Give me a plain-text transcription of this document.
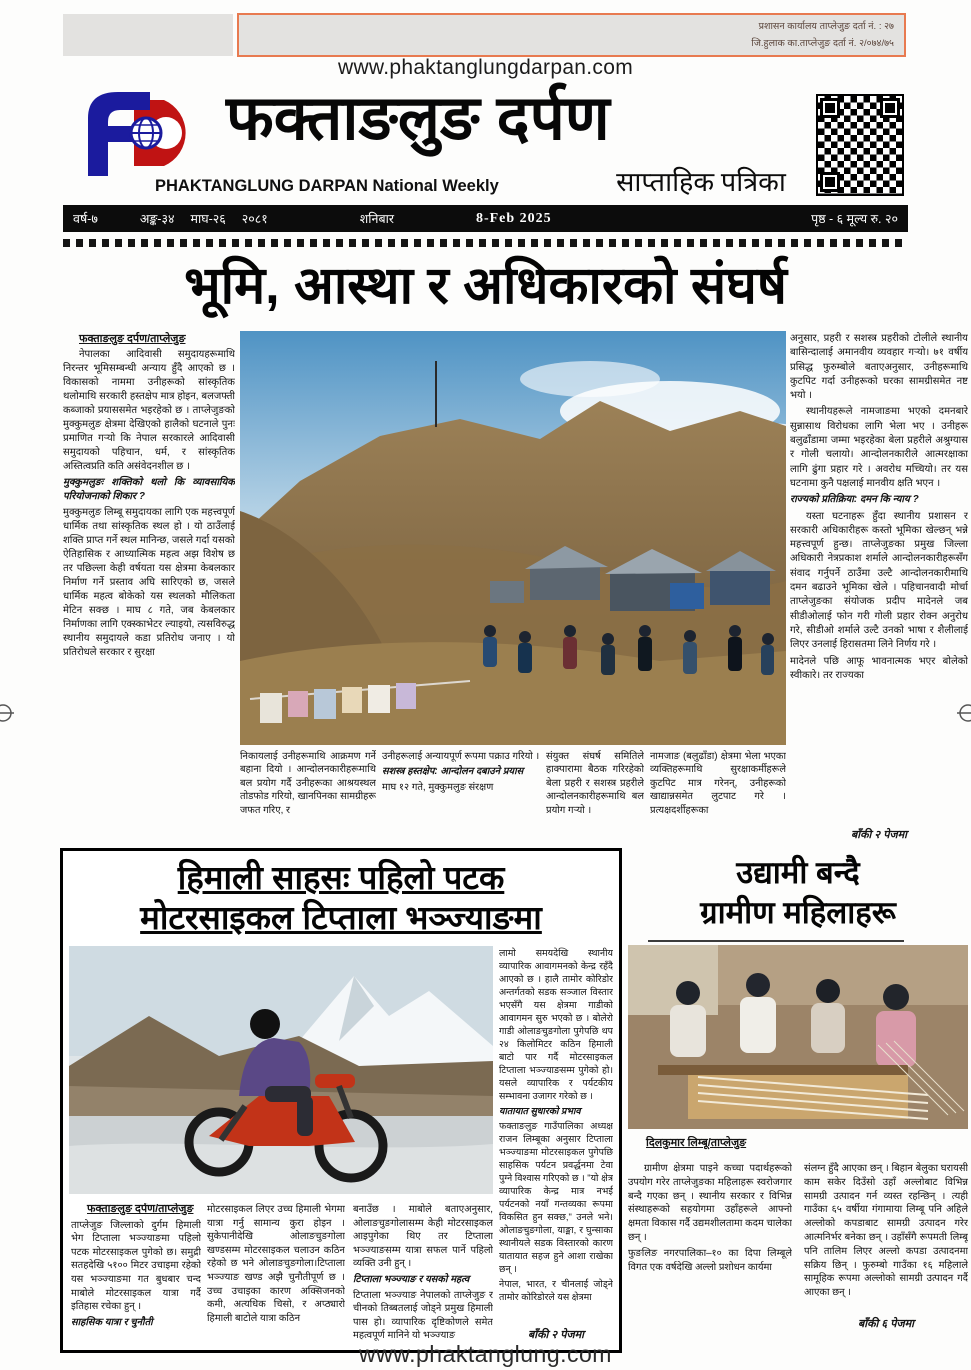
प्रशासन कार्यालय ताप्लेजुङ दर्ता नं. : २७
जि.हुलाक का.ताप्लेजुङ दर्ता नं. २/०७४/७५
www.phaktanglungdarpan.com
फक्ताङलुङ दर्पण
PHAKTANGLUNG DARPAN National Weekly	साप्ताहिक पत्रिका
वर्ष-७	अङ्क-३४ माघ-२६ २०८१	शनिबार	8-Feb 2025	पृष्ठ - ६ मूल्य रु. २०
भूमि, आस्था र अधिकारको संघर्ष

फक्ताङलुङ दर्पण/ताप्लेजुङ

नेपालका आदिवासी समुदायहरूमाथि निरन्तर भूमिसम्बन्धी अन्याय हुँदै आएको छ । विकासको नाममा उनीहरूको सांस्कृतिक थलोमाथि सरकारी हस्तक्षेप मात्र होइन, बलजफ्ती कब्जाको प्रयाससमेत भइरहेको छ । ताप्लेजुङको मुक्कुमलुङ क्षेत्रमा देखिएको हालैको घटनाले पुनः प्रमाणित गर्‍यो कि नेपाल सरकारले आदिवासी समुदायको पहिचान, धर्म, र सांस्कृतिक अस्तित्वप्रति कति असंवेदनशील छ ।

मुक्कुमलुङः शक्तिको थलो कि व्यावसायिक परियोजनाको शिकार ?

मुक्कुमलुङ लिम्बू समुदायका लागि एक महत्त्वपूर्ण धार्मिक तथा सांस्कृतिक स्थल हो । यो ठाउँलाई शक्ति प्राप्त गर्ने स्थल मानिन्छ, जसले गर्दा यसको ऐतिहासिक र आध्यात्मिक महत्व अझ विशेष छ तर पछिल्ला केही वर्षयता यस क्षेत्रमा केबलकार निर्माण गर्ने प्रस्ताव अघि सारिएको छ, जसले धार्मिक महत्व बोकेको यस स्थलको मौलिकता मेटिन सक्छ । माघ ८ गते, जब केबलकार निर्माणका लागि एक्स्काभेटर ल्याइयो, त्यसविरुद्ध स्थानीय समुदायले कडा प्रतिरोध जनाए । यो प्रतिरोधले सरकार र सुरक्षा

निकायलाई उनीहरूमाथि आक्रमण गर्ने बहाना दियो । आन्दोलनकारीहरूमाथि बल प्रयोग गर्दै उनीहरूका आश्रयस्थल तोडफोड गरियो, खानपिनका सामग्रीहरू जफत गरिए, र

उनीहरूलाई अन्यायपूर्ण रूपमा पक्राउ गरियो ।

सशस्त्र हस्तक्षेप: आन्दोलन दबाउने प्रयास

माघ १२ गते, मुक्कुमलुङ संरक्षण

संयुक्त संघर्ष समितिले हाक्पारामा बैठक गरिरहेको बेला प्रहरी र सशस्त्र प्रहरीले आन्दोलनकारीहरूमाथि बल प्रयोग गर्‍यो ।

नामजाङ (बलुढाँडा) क्षेत्रमा भेला भएका व्यक्तिहरूमाथि सुरक्षाकर्मीहरूले कुटपिट मात्र गरेनन्, उनीहरूको खाद्यान्नसमेत लुटपाट गरे । प्रत्यक्षदर्शीहरूका

अनुसार, प्रहरी र सशस्त्र प्रहरीको टोलीले स्थानीय बासिन्दालाई अमानवीय व्यवहार गर्‍यो। ७१ वर्षीय प्रसिद्ध फुरुम्बोले बताएअनुसार, उनीहरूमाथि कुटपिट गर्दा उनीहरूको घरका सामग्रीसमेत नष्ट भयो ।

स्थानीयहरूले नामजाङमा भएको दमनबारे सुन्नासाथ विरोधका लागि भेला भए । उनीहरू बलुढाँडामा जम्मा भइरहेका बेला प्रहरीले अश्रुग्यास र गोली चलायो। आन्दोलनकारीले आत्मरक्षाका लागि ढुंगा प्रहार गरे । अवरोध मच्चियो। तर यस घटनामा कुनै पक्षलाई मानवीय क्षति भएन ।

राज्यको प्रतिक्रिया: दमन कि न्याय ?

यस्ता घटनाहरू हुँदा स्थानीय प्रशासन र सरकारी अधिकारीहरू कस्तो भूमिका खेल्छन् भन्ने महत्त्वपूर्ण हुन्छ। ताप्लेजुङका प्रमुख जिल्ला अधिकारी नेत्रप्रकाश शर्माले आन्दोलनकारीहरूसँग संवाद गर्नुपर्ने ठाउँमा उल्टै आन्दोलनकारीमाथि दमन बढाउने भूमिका खेले । पहिचानवादी मोर्चा ताप्लेजुङका संयोजक प्रदीप मादेनले जब सीडीओलाई फोन गरी गोली प्रहार रोक्न अनुरोध गरे, सीडीओ शर्माले उल्टै उनको भाषा र शैलीलाई लिएर उनलाई हिरासतमा लिने निर्णय गरे ।

मादेनले पछि आफू भावनात्मक भएर बोलेको स्वीकारे। तर राज्यका

बाँकी २ पेजमा
हिमाली साहसः पहिलो पटक
मोटरसाइकल टिप्ताला भञ्ज्याङमा

लामो समयदेखि स्थानीय व्यापारिक आवागमनको केन्द्र रहँदै आएको छ । हालै तामोर कोरिडोर अन्तर्गतको सडक सञ्जाल विस्तार भएसँगै यस क्षेत्रमा गाडीको आवागमन सुरु भएको छ । बोलेरो गाडी ओलाङचुङगोला पुगेपछि थप २४ किलोमिटर कठिन हिमाली बाटो पार गर्दै मोटरसाइकल टिप्ताला भञ्ज्याङसम्म पुगेको हो। यसले व्यापारिक र पर्यटकीय सम्भावना उजागर गरेको छ ।

यातायात सुधारको प्रभाव

फक्ताङलुङ गाउँपालिका अध्यक्ष राजन लिम्बूका अनुसार टिप्ताला भञ्ज्याङमा मोटरसाइकल पुगेपछि साहसिक पर्यटन प्रवर्द्धनमा टेवा पुग्ने विश्वास गरिएको छ । "यो क्षेत्र व्यापारिक केन्द्र मात्र नभई पर्यटनको नयाँ गन्तव्यका रूपमा विकसित हुन सक्छ," उनले भने। ओलाङचुङगोला, याङ्मा, र घुन्साका स्थानीयले सडक विस्तारको कारण यातायात सहज हुने आशा राखेका छन् ।

नेपाल, भारत, र चीनलाई जोड्ने तामोर कोरिडोरले यस क्षेत्रमा

बाँकी २ पेजमा

फक्ताङलुङ दर्पण/ताप्लेजुङ

ताप्लेजुङ जिल्लाको दुर्गम हिमाली भेग टिप्ताला भञ्ज्याङमा पहिलो पटक मोटरसाइकल पुगेको छ। समुद्री सतहदेखि ५१०० मिटर उचाइमा रहेको यस भञ्ज्याङमा गत बुधबार चन्द माबोले मोटरसाइकल यात्रा गर्दै इतिहास रचेका हुन् ।

साहसिक यात्रा र चुनौती

मोटरसाइकल लिएर उच्च हिमाली भेगमा यात्रा गर्नु सामान्य कुरा होइन । सुकेपानीदेखि ओलाङचुङगोला खण्डसम्म मोटरसाइकल चलाउन कठिन रहेको छ भने ओलाङचुङगोला।टिप्ताला भञ्ज्याङ खण्ड अझै चुनौतीपूर्ण छ । उच्च उचाइका कारण अक्सिजनको कमी, अत्यधिक चिसो, र अप्ठ्यारो हिमाली बाटोले यात्रा कठिन

बनाउँछ । माबोले बताएअनुसार, ओलाङचुङगोलासम्म केही मोटरसाइकल आइपुगेका थिए तर टिप्ताला भञ्ज्याङसम्म यात्रा सफल पार्ने पहिलो व्यक्ति उनी हुन् ।

टिप्ताला भञ्ज्याङ र यसको महत्व

टिप्ताला भञ्ज्याङ नेपालको ताप्लेजुङ र चीनको तिब्बतलाई जोड्ने प्रमुख हिमाली पास हो। व्यापारिक दृष्टिकोणले समेत महत्वपूर्ण मानिने यो भञ्ज्याङ

उद्यामी बन्दै
ग्रामीण महिलाहरू

दिलकुमार लिम्बू/ताप्लेजुङ

ग्रामीण क्षेत्रमा पाइने कच्चा पदार्थहरूको उपयोग गरेर ताप्लेजुङका महिलाहरू स्वरोजगार बन्दै गएका छन् । स्थानीय सरकार र विभिन्न संस्थाहरूको सहयोगमा उहाँहरूले आफ्नो क्षमता विकास गर्दै उद्यमशीलतामा कदम चालेका छन् ।

फुङलिङ नगरपालिका–१० का दिपा लिम्बूले विगत एक वर्षदेखि अल्लो प्रशोधन कार्यमा

संलग्न हुँदै आएका छन् । बिहान बेलुका घरायसी काम सकेर दिउँसो उहाँ अल्लोबाट विभिन्न सामग्री उत्पादन गर्न व्यस्त रहन्छिन् । त्यही गाउँका ६५ वर्षीया गंगामाया लिम्बू पनि अहिले अल्लोको कपडाबाट सामग्री उत्पादन गरेर आत्मनिर्भर बनेका छन् । उहाँसँगै रूपमती लिम्बू पनि तालिम लिएर अल्लो कपडा उत्पादनमा सक्रिय छिन् । फुरुम्बो गाउँका १६ महिलाले सामूहिक रूपमा अल्लोको सामग्री उत्पादन गर्दै आएका छन् ।

बाँकी ६ पेजमा
www.phaktanglung.com
